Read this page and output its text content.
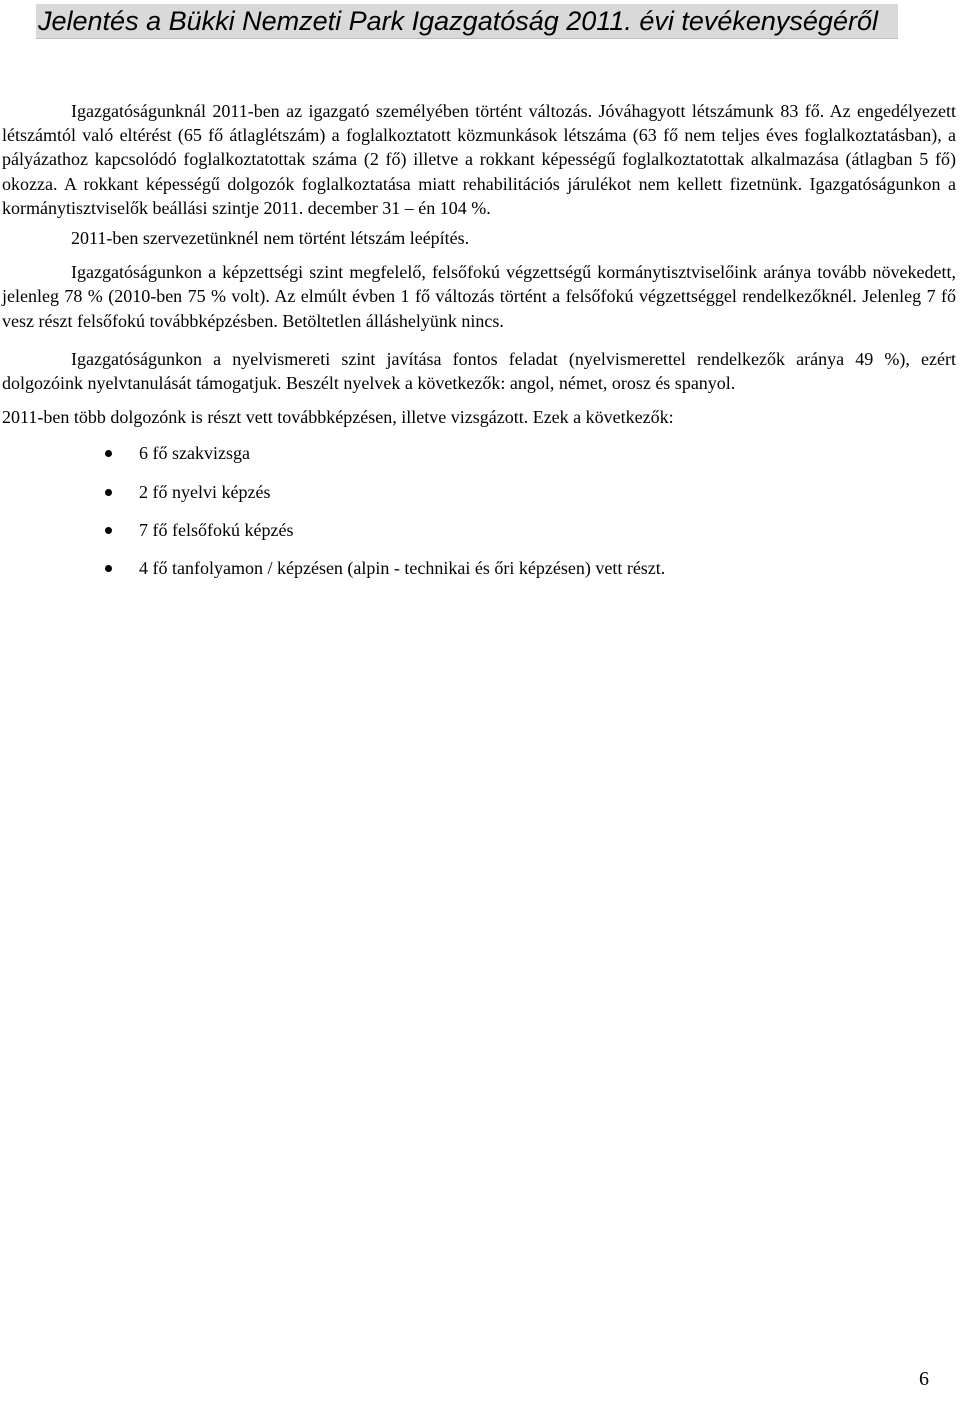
Jelentés a Bükki Nemzeti Park Igazgatóság 2011. évi tevékenységéről

Igazgatóságunknál 2011-ben az igazgató személyében történt változás. Jóváhagyott létszámunk 83 fő. Az engedélyezett létszámtól való eltérést (65 fő átlaglétszám) a foglalkoztatott közmunkások létszáma (63 fő nem teljes éves foglalkoztatásban), a pályázathoz kapcsolódó foglalkoztatottak száma (2 fő) illetve a rokkant képességű foglalkoztatottak alkalmazása (átlagban 5 fő) okozza. A rokkant képességű dolgozók foglalkoztatása miatt rehabilitációs járulékot nem kellett fizetnünk. Igazgatóságunkon a kormánytisztviselők beállási szintje 2011. december 31 – én 104 %.

2011-ben szervezetünknél nem történt létszám leépítés.

Igazgatóságunkon a képzettségi szint megfelelő, felsőfokú végzettségű kormánytisztviselőink aránya tovább növekedett, jelenleg 78 % (2010-ben 75 % volt). Az elmúlt évben 1 fő változás történt a felsőfokú végzettséggel rendelkezőknél. Jelenleg 7 fő vesz részt felsőfokú továbbképzésben. Betöltetlen álláshelyünk nincs.

Igazgatóságunkon a nyelvismereti szint javítása fontos feladat (nyelvismerettel rendelkezők aránya 49 %), ezért dolgozóink nyelvtanulását támogatjuk. Beszélt nyelvek a következők: angol, német, orosz és spanyol.

2011-ben több dolgozónk is részt vett továbbképzésen, illetve vizsgázott. Ezek a következők:

6 fő szakvizsga
2 fő nyelvi képzés
7 fő felsőfokú képzés
4 fő tanfolyamon / képzésen (alpin - technikai és őri képzésen) vett részt.
6
